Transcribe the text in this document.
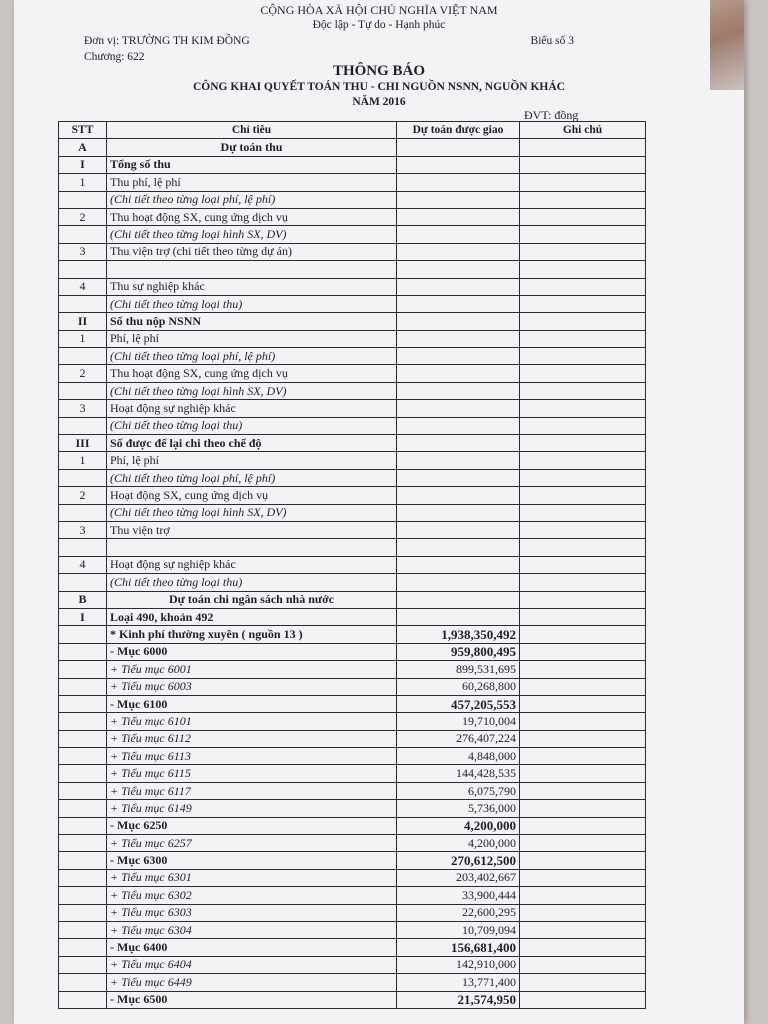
CỘNG HÒA XÃ HỘI CHỦ NGHĨA VIỆT NAM
Độc lập - Tự do - Hạnh phúc
Đơn vị: TRƯỜNG TH KIM ĐỒNG	Biểu số 3
Chương: 622
THÔNG BÁO
CÔNG KHAI QUYẾT TOÁN THU - CHI NGUỒN NSNN, NGUỒN KHÁC
NĂM 2016
ĐVT: đồng
STT	Chỉ tiêu	Dự toán được giao	Ghi chú
A	Dự toán thu		
I	Tổng số thu		
1	Thu phí, lệ phí		
	(Chi tiết theo từng loại phí, lệ phí)		
2	Thu hoạt động SX, cung ứng dịch vụ		
	(Chi tiết theo từng loại hình SX, DV)		
3	Thu viện trợ (chi tiết theo từng dự án)		

4	Thu sự nghiệp khác		
	(Chi tiết theo từng loại thu)		
II	Số thu nộp NSNN		
1	Phí, lệ phí		
	(Chi tiết theo từng loại phí, lệ phí)		
2	Thu hoạt động SX, cung ứng dịch vụ		
	(Chi tiết theo từng loại hình SX, DV)		
3	Hoạt động sự nghiệp khác		
	(Chi tiết theo từng loại thu)		
III	Số được để lại chi theo chế độ		
1	Phí, lệ phí		
	(Chi tiết theo từng loại phí, lệ phí)		
2	Hoạt động SX, cung ứng dịch vụ		
	(Chi tiết theo từng loại hình SX, DV)		
3	Thu viện trợ		

4	Hoạt động sự nghiệp khác		
	(Chi tiết theo từng loại thu)		
B	Dự toán chi ngân sách nhà nước		
I	Loại 490, khoản 492		
	* Kinh phí thường xuyên ( nguồn 13 )	1,938,350,492	
	- Mục 6000	959,800,495	
	+ Tiểu mục 6001	899,531,695	
	+ Tiểu mục 6003	60,268,800	
	- Mục 6100	457,205,553	
	+ Tiểu mục 6101	19,710,004	
	+ Tiểu mục 6112	276,407,224	
	+ Tiểu mục 6113	4,848,000	
	+ Tiểu mục 6115	144,428,535	
	+ Tiểu mục 6117	6,075,790	
	+ Tiểu mục 6149	5,736,000	
	- Mục 6250	4,200,000	
	+ Tiểu mục 6257	4,200,000	
	- Mục 6300	270,612,500	
	+ Tiểu mục 6301	203,402,667	
	+ Tiểu mục 6302	33,900,444	
	+ Tiểu mục 6303	22,600,295	
	+ Tiểu mục 6304	10,709,094	
	- Mục 6400	156,681,400	
	+ Tiểu mục 6404	142,910,000	
	+ Tiểu mục 6449	13,771,400	
	- Mục 6500	21,574,950	
